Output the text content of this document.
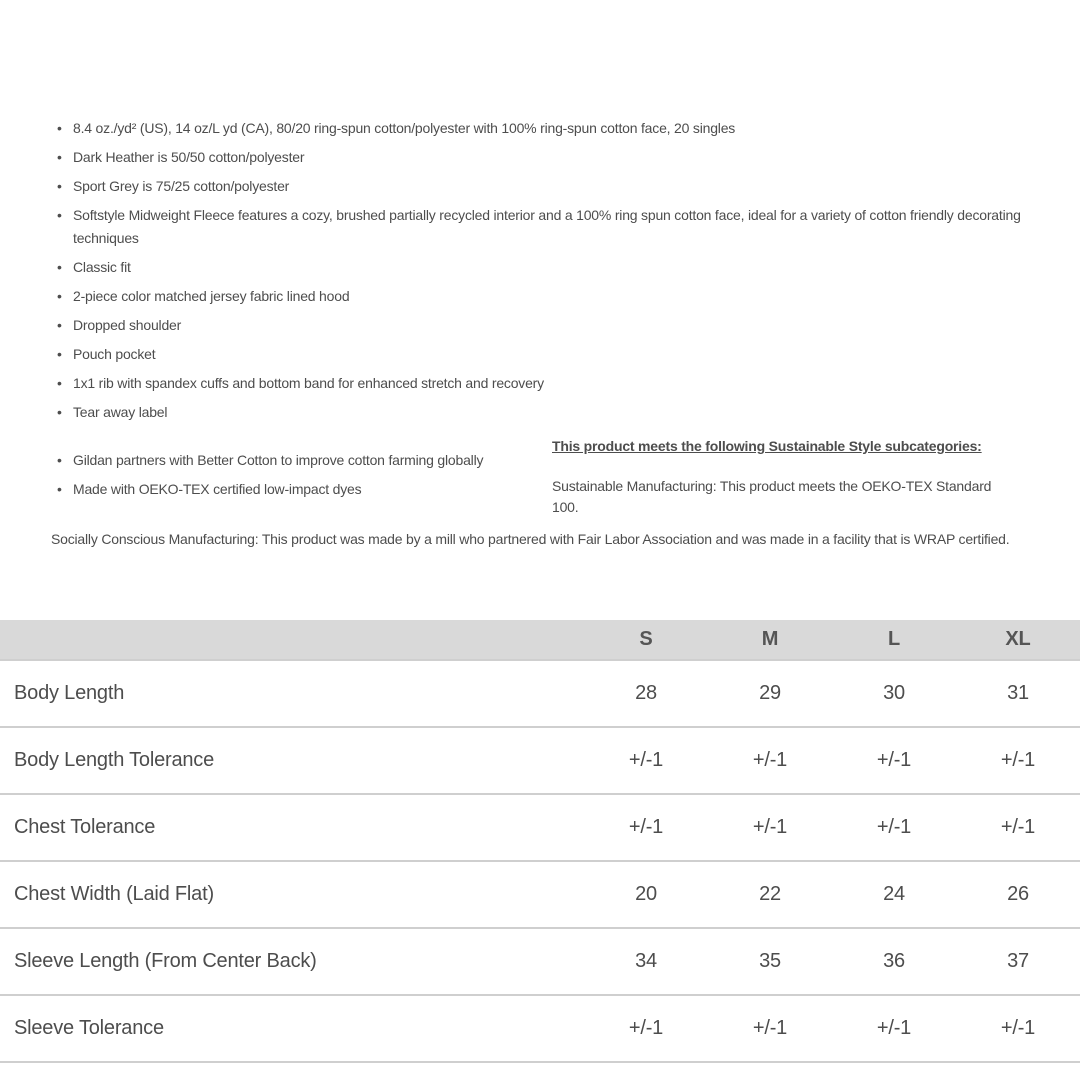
• 8.4 oz./yd² (US), 14 oz/L yd (CA), 80/20 ring-spun cotton/polyester with 100% ring-spun cotton face, 20 singles
• Dark Heather is 50/50 cotton/polyester
• Sport Grey is 75/25 cotton/polyester
• Softstyle Midweight Fleece features a cozy, brushed partially recycled interior and a 100% ring spun cotton face, ideal for a variety of cotton friendly decorating techniques
• Classic fit
• 2-piece color matched jersey fabric lined hood
• Dropped shoulder
• Pouch pocket
• 1x1 rib with spandex cuffs and bottom band for enhanced stretch and recovery
• Tear away label
• Gildan partners with Better Cotton to improve cotton farming globally
• Made with OEKO-TEX certified low-impact dyes
This product meets the following Sustainable Style subcategories:

Sustainable Manufacturing: This product meets the OEKO-TEX Standard 100.

Socially Conscious Manufacturing: This product was made by a mill who partnered with Fair Labor Association and was made in a facility that is WRAP certified.

	S	M	L	XL
Body Length	28	29	30	31
Body Length Tolerance	+/-1	+/-1	+/-1	+/-1
Chest Tolerance	+/-1	+/-1	+/-1	+/-1
Chest Width (Laid Flat)	20	22	24	26
Sleeve Length (From Center Back)	34	35	36	37
Sleeve Tolerance	+/-1	+/-1	+/-1	+/-1
